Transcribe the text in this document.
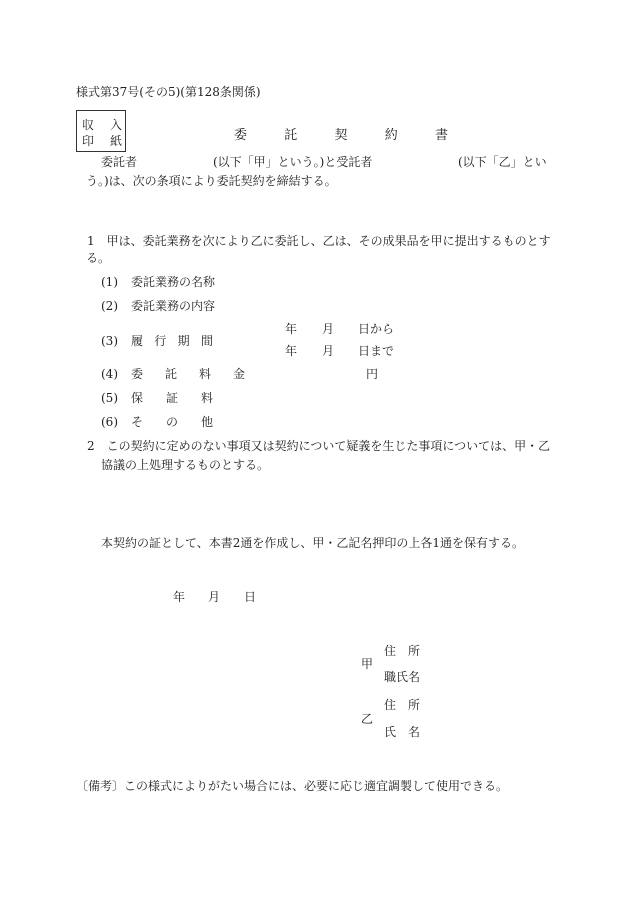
様式第37号(その5)(第128条関係)
収 入
印 紙	委	託	契	約	書
委託者	(以下「甲」という。)と受託者	(以下「乙」とい
う。)は、次の条項により委託契約を締結する。
1　甲は、委託業務を次により乙に委託し、乙は、その成果品を甲に提出するものとす
る。
(1) 委託業務の名称
(2) 委託業務の内容
(3) 履 行 期 間
年 月 日から
年 月 日まで
(4) 委 託 料 金	円
(5) 保 証 料
(6) そ の 他
2　この契約に定めのない事項又は契約について疑義を生じた事項については、甲・乙
協議の上処理するものとする。
本契約の証として、本書2通を作成し、甲・乙記名押印の上各1通を保有する。
年 月 日
甲
住 所
職氏名
乙
住 所
氏 名
〔備考〕この様式によりがたい場合には、必要に応じ適宜調製して使用できる。
